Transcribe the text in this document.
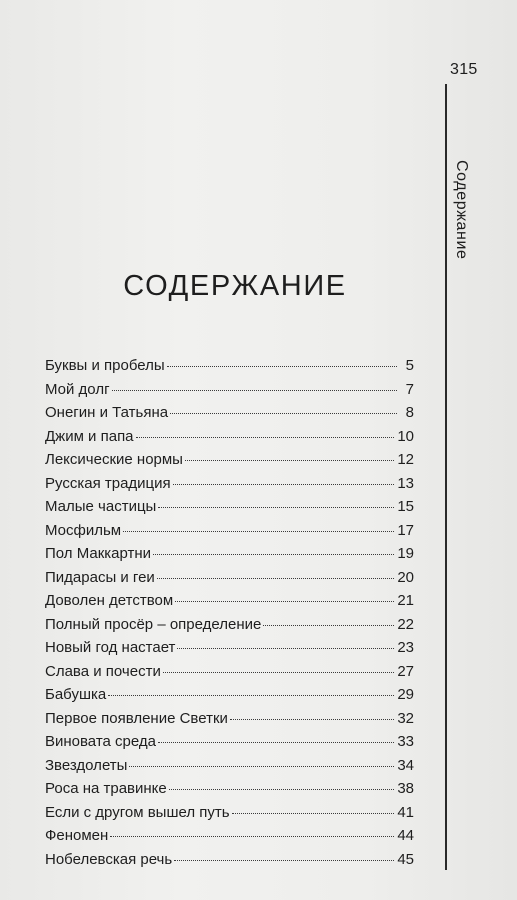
315
Содержание
СОДЕРЖАНИЕ
Буквы и пробелы	5
Мой долг	7
Онегин и Татьяна	8
Джим и папа	10
Лексические нормы	12
Русская традиция	13
Малые частицы	15
Мосфильм	17
Пол Маккартни	19
Пидарасы и геи	20
Доволен детством	21
Полный просёр – определение	22
Новый год настает	23
Слава и почести	27
Бабушка	29
Первое появление Светки	32
Виновата среда	33
Звездолеты	34
Роса на травинке	38
Если с другом вышел путь	41
Феномен	44
Нобелевская речь	45
